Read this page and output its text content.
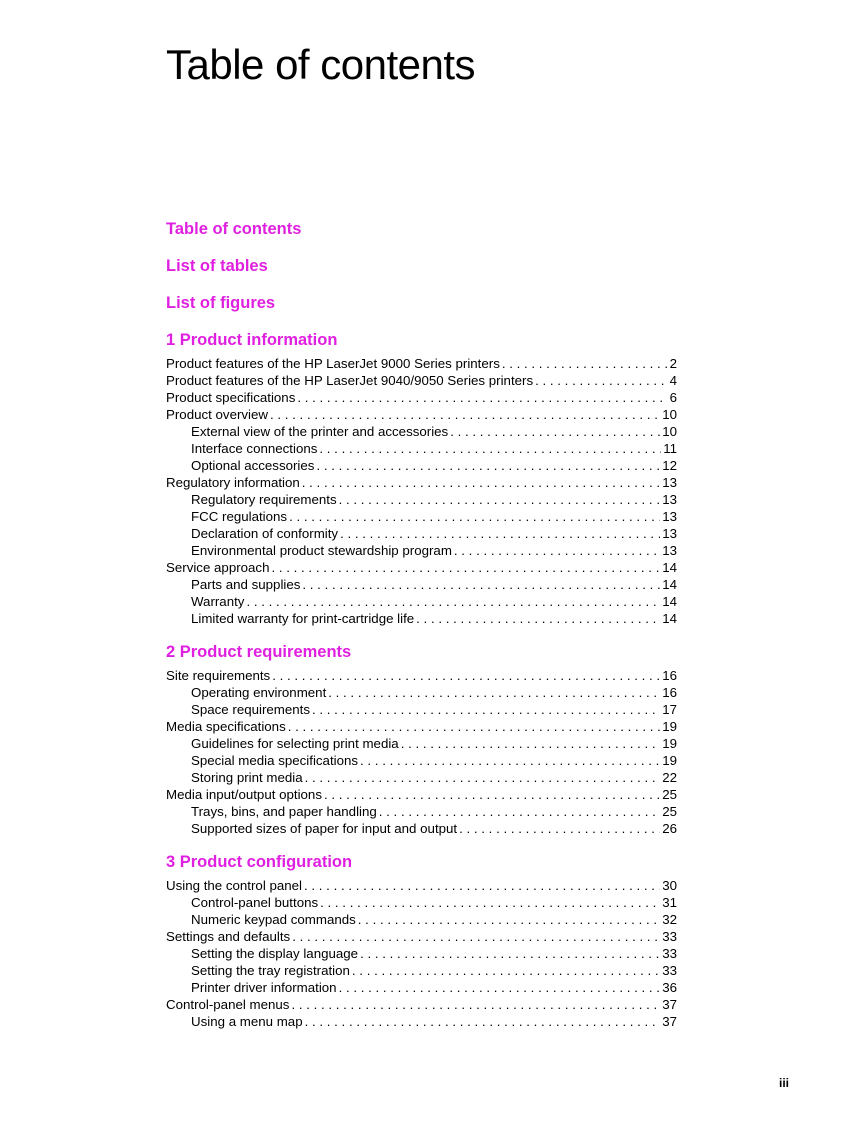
Table of contents
Table of contents
List of tables
List of figures
1 Product information
Product features of the HP LaserJet 9000 Series printers . . .	2
Product features of the HP LaserJet 9040/9050 Series printers . . .	4
Product specifications . . .	6
Product overview . . .	10
External view of the printer and accessories . . .	10
Interface connections . . .	11
Optional accessories . . .	12
Regulatory information . . .	13
Regulatory requirements . . .	13
FCC regulations . . .	13
Declaration of conformity . . .	13
Environmental product stewardship program . . .	13
Service approach . . .	14
Parts and supplies . . .	14
Warranty . . .	14
Limited warranty for print-cartridge life . . .	14
2 Product requirements
Site requirements . . .	16
Operating environment . . .	16
Space requirements . . .	17
Media specifications . . .	19
Guidelines for selecting print media . . .	19
Special media specifications . . .	19
Storing print media . . .	22
Media input/output options . . .	25
Trays, bins, and paper handling . . .	25
Supported sizes of paper for input and output . . .	26
3 Product configuration
Using the control panel . . .	30
Control-panel buttons . . .	31
Numeric keypad commands . . .	32
Settings and defaults . . .	33
Setting the display language . . .	33
Setting the tray registration . . .	33
Printer driver information . . .	36
Control-panel menus . . .	37
Using a menu map . . .	37
iii
